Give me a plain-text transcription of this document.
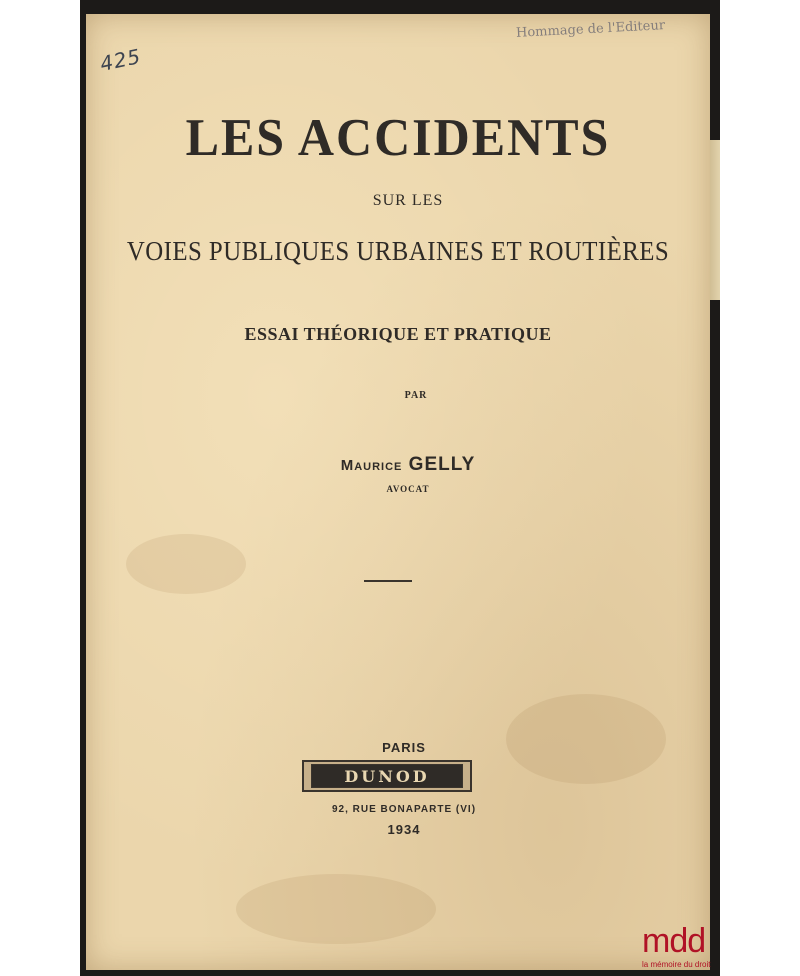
425
Hommage de l'Editeur
LES ACCIDENTS
SUR LES
VOIES PUBLIQUES URBAINES ET ROUTIÈRES
ESSAI THÉORIQUE ET PRATIQUE
PAR
Maurice GELLY
AVOCAT
PARIS
DUNOD
92, RUE BONAPARTE (VI)
1934
mdd
la mémoire du droit
